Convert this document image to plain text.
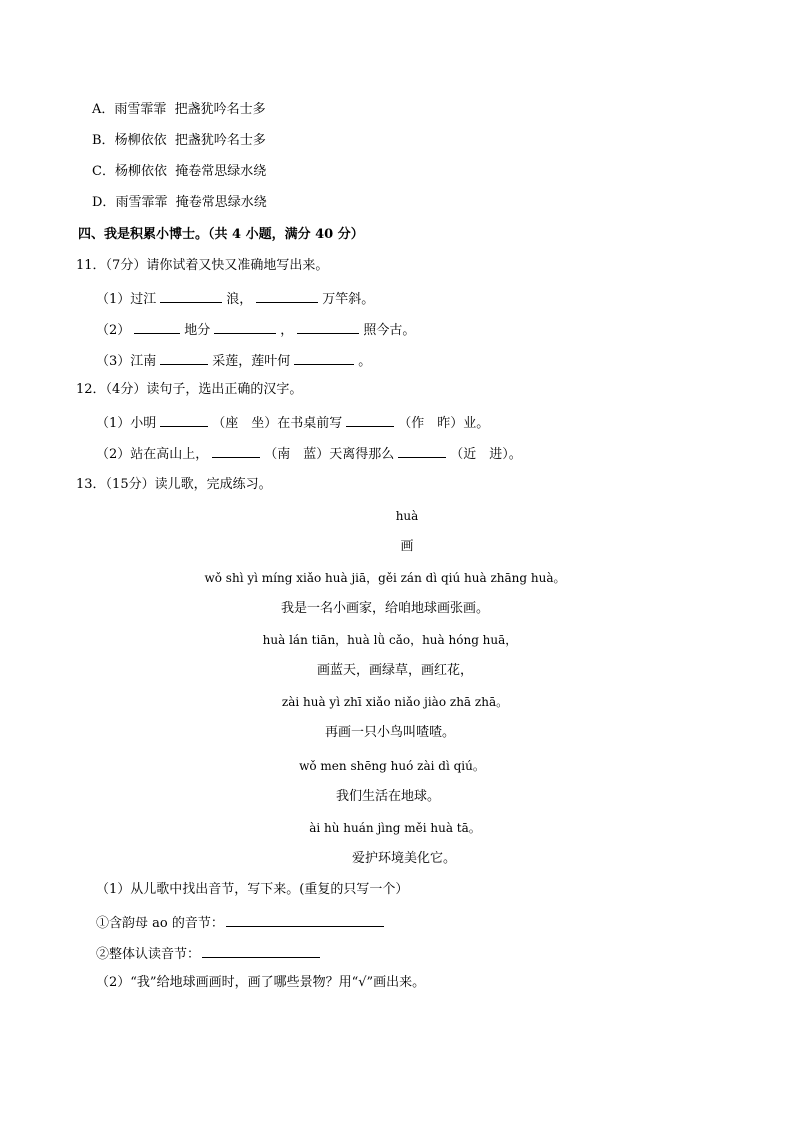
A．雨雪霏霏  把盏犹吟名士多
B．杨柳依依  把盏犹吟名士多
C．杨柳依依  掩卷常思绿水绕
D．雨雪霏霏  掩卷常思绿水绕
四、我是积累小博士。（共 4 小题，满分 40 分）
11．（7分）请你试着又快又准确地写出来。
（1）过江	浪，	万竿斜。
（2）	地分	，	照今古。
（3）江南	采莲，莲叶何	。
12．（4分）读句子，选出正确的汉字。
（1）小明	（座　坐）在书桌前写	（作　昨）业。
（2）站在高山上，	（南　蓝）天离得那么	（近　进）。
13．（15分）读儿歌，完成练习。
huà
画
wǒ shì yì míng xiǎo huà jiā，gěi zán dì qiú huà zhāng huà。
我是一名小画家，给咱地球画张画。
huà lán tiān，huà lǜ cǎo，huà hóng huā，
画蓝天，画绿草，画红花，
zài huà yì zhī xiǎo niǎo jiào zhā zhā。
再画一只小鸟叫喳喳。
wǒ men shēng huó zài dì qiú。
我们生活在地球。
ài hù huán jìng měi huà tā。
爱护环境美化它。
（1）从儿歌中找出音节，写下来。(重复的只写一个）
①含韵母 ao 的音节：
②整体认读音节：
（2）“我”给地球画画时，画了哪些景物？用“√”画出来。
